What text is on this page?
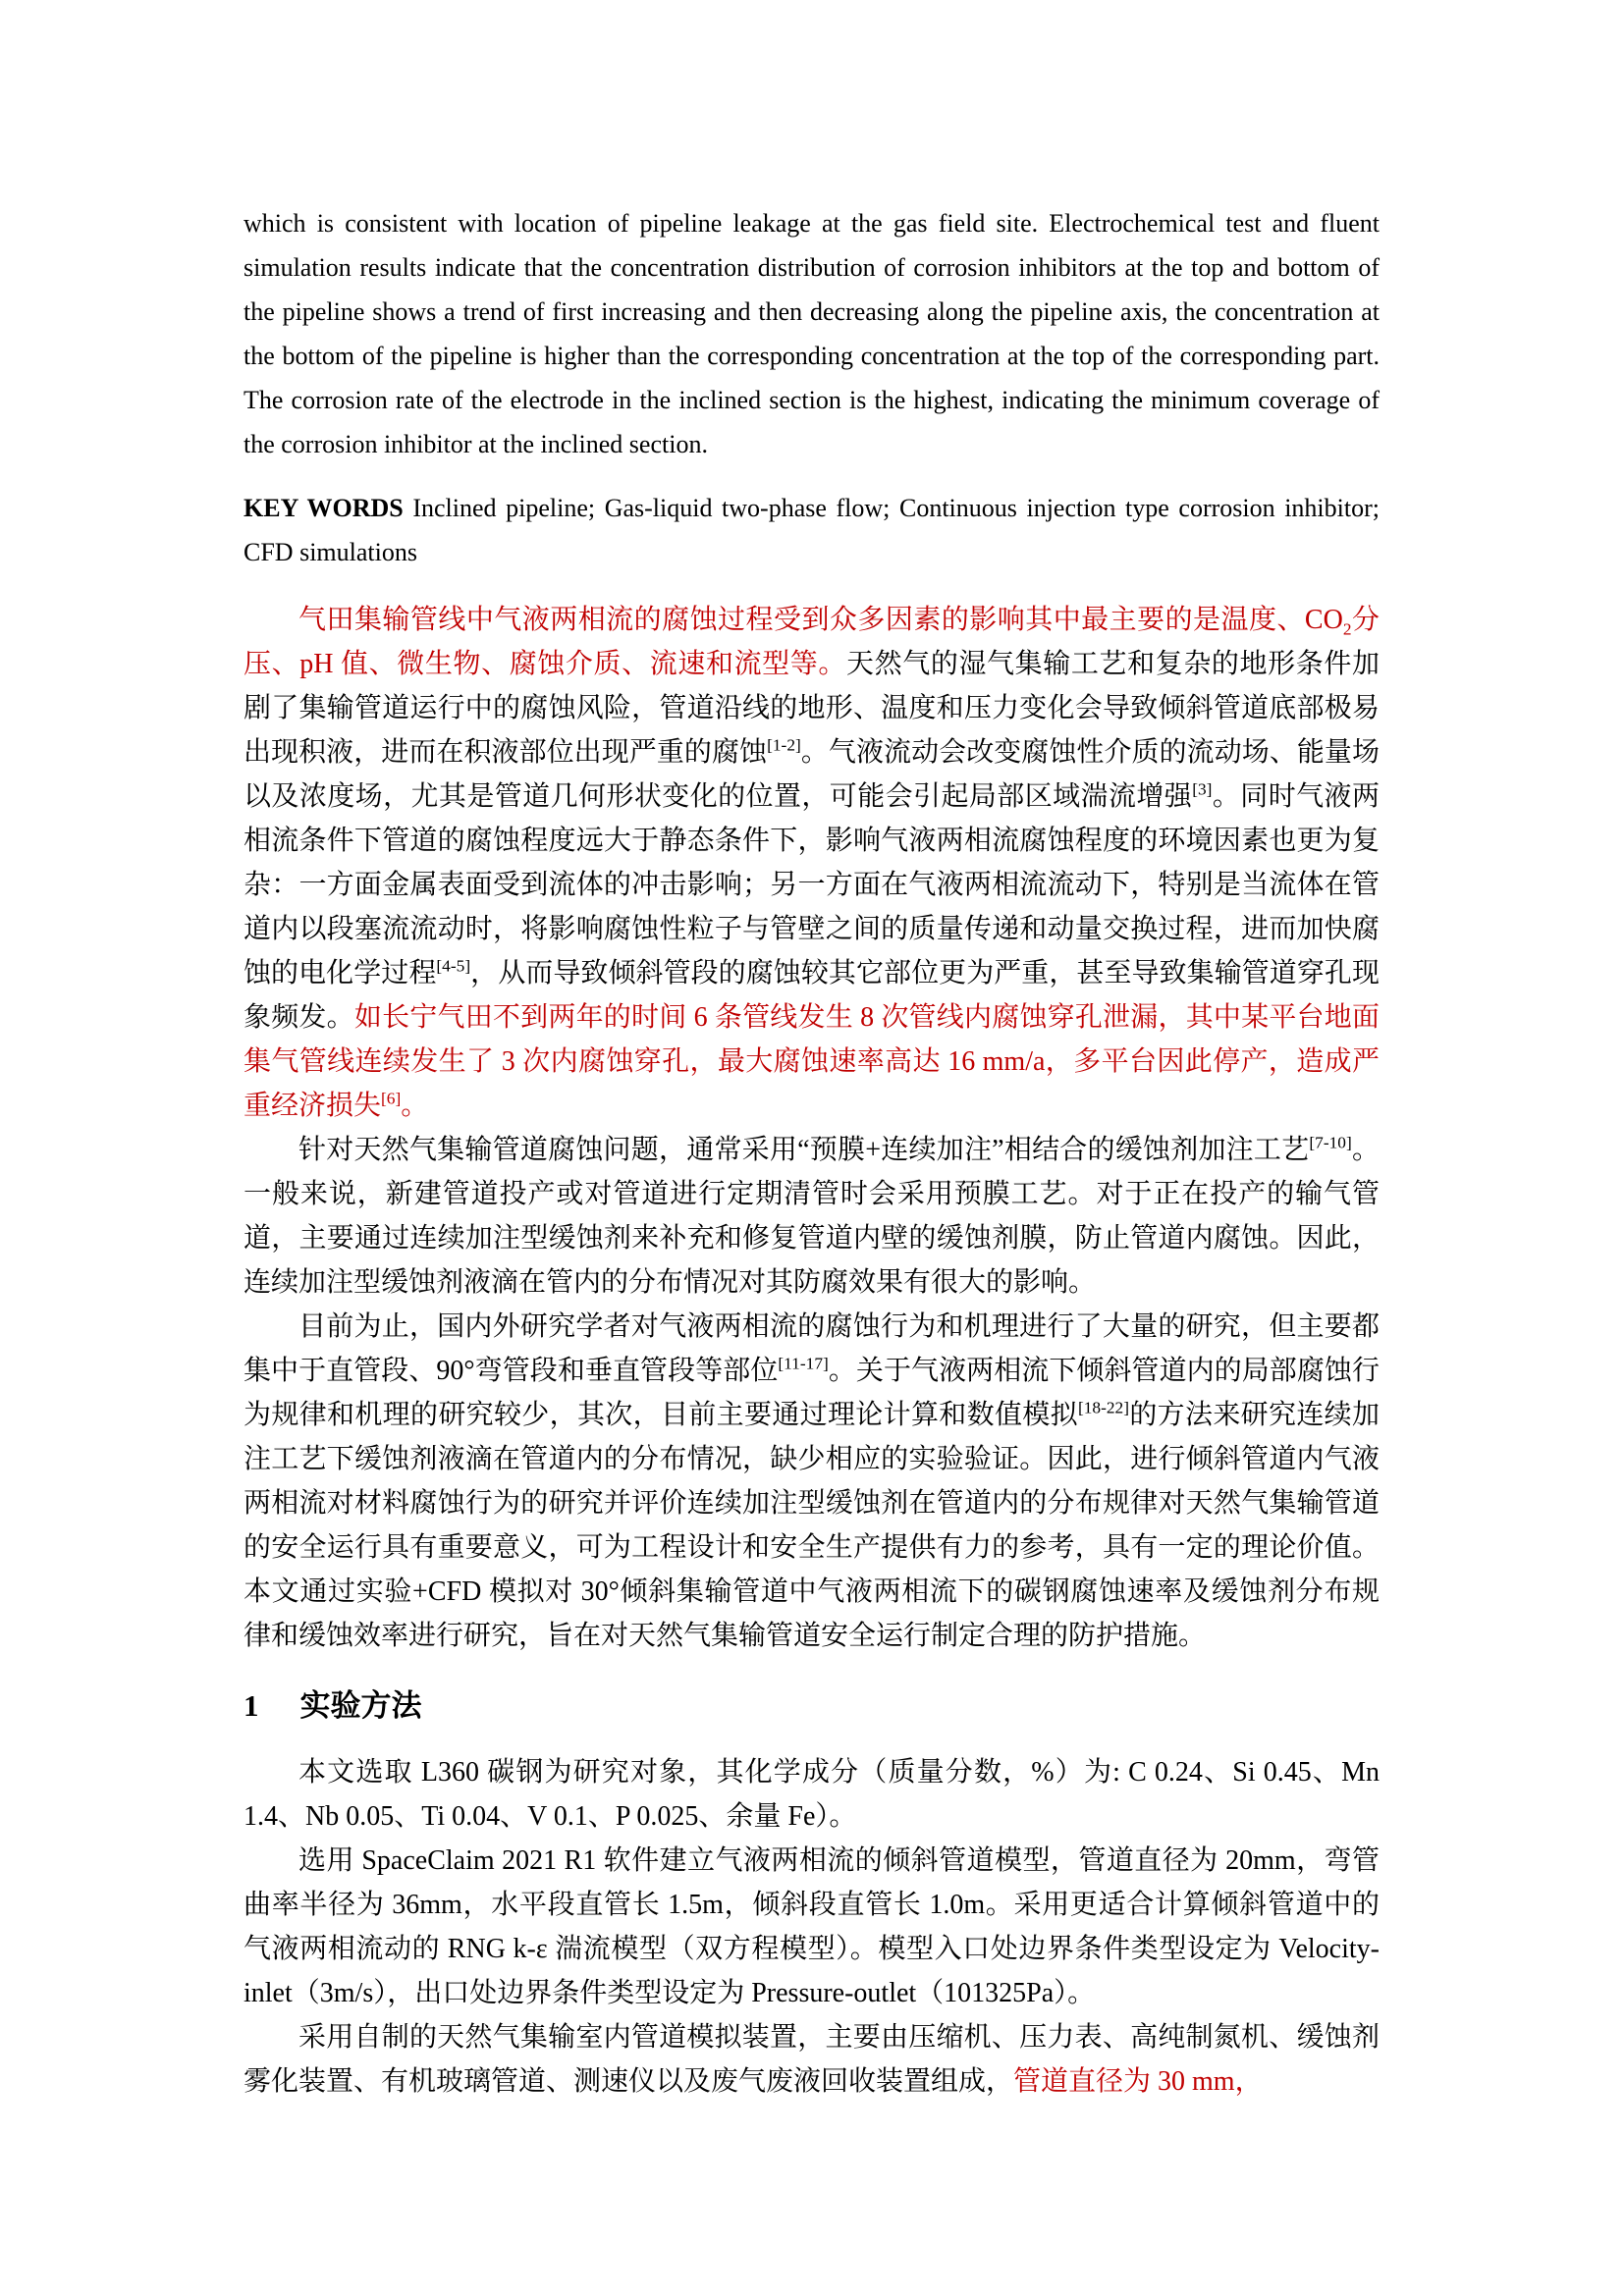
which is consistent with location of pipeline leakage at the gas field site. Electrochemical test and fluent simulation results indicate that the concentration distribution of corrosion inhibitors at the top and bottom of the pipeline shows a trend of first increasing and then decreasing along the pipeline axis, the concentration at the bottom of the pipeline is higher than the corresponding concentration at the top of the corresponding part. The corrosion rate of the electrode in the inclined section is the highest, indicating the minimum coverage of the corrosion inhibitor at the inclined section.

KEY WORDS Inclined pipeline; Gas-liquid two-phase flow; Continuous injection type corrosion inhibitor; CFD simulations

气田集输管线中气液两相流的腐蚀过程受到众多因素的影响其中最主要的是温度、$CO_2$分压、pH 值、微生物、腐蚀介质、流速和流型等。天然气的湿气集输工艺和复杂的地形条件加剧了集输管道运行中的腐蚀风险，管道沿线的地形、温度和压力变化会导致倾斜管道底部极易出现积液，进而在积液部位出现严重的腐蚀[1-2]。气液流动会改变腐蚀性介质的流动场、能量场以及浓度场，尤其是管道几何形状变化的位置，可能会引起局部区域湍流增强[3]。同时气液两相流条件下管道的腐蚀程度远大于静态条件下，影响气液两相流腐蚀程度的环境因素也更为复杂：一方面金属表面受到流体的冲击影响；另一方面在气液两相流流动下，特别是当流体在管道内以段塞流流动时，将影响腐蚀性粒子与管壁之间的质量传递和动量交换过程，进而加快腐蚀的电化学过程[4-5]，从而导致倾斜管段的腐蚀较其它部位更为严重，甚至导致集输管道穿孔现象频发。如长宁气田不到两年的时间 6 条管线发生 8 次管线内腐蚀穿孔泄漏，其中某平台地面集气管线连续发生了 3 次内腐蚀穿孔，最大腐蚀速率高达 16 mm/a，多平台因此停产，造成严重经济损失[6]。

针对天然气集输管道腐蚀问题，通常采用“预膜+连续加注”相结合的缓蚀剂加注工艺[7-10]。一般来说，新建管道投产或对管道进行定期清管时会采用预膜工艺。对于正在投产的输气管道，主要通过连续加注型缓蚀剂来补充和修复管道内壁的缓蚀剂膜，防止管道内腐蚀。因此，连续加注型缓蚀剂液滴在管内的分布情况对其防腐效果有很大的影响。

目前为止，国内外研究学者对气液两相流的腐蚀行为和机理进行了大量的研究，但主要都集中于直管段、90°弯管段和垂直管段等部位[11-17]。关于气液两相流下倾斜管道内的局部腐蚀行为规律和机理的研究较少，其次，目前主要通过理论计算和数值模拟[18-22]的方法来研究连续加注工艺下缓蚀剂液滴在管道内的分布情况，缺少相应的实验验证。因此，进行倾斜管道内气液两相流对材料腐蚀行为的研究并评价连续加注型缓蚀剂在管道内的分布规律对天然气集输管道的安全运行具有重要意义，可为工程设计和安全生产提供有力的参考，具有一定的理论价值。本文通过实验+CFD 模拟对 30°倾斜集输管道中气液两相流下的碳钢腐蚀速率及缓蚀剂分布规律和缓蚀效率进行研究，旨在对天然气集输管道安全运行制定合理的防护措施。

1 实验方法

本文选取 L360 碳钢为研究对象，其化学成分（质量分数，%）为: C 0.24、Si 0.45、Mn 1.4、Nb 0.05、Ti 0.04、V 0.1、P 0.025、余量 Fe）。

选用 SpaceClaim 2021 R1 软件建立气液两相流的倾斜管道模型，管道直径为 20mm，弯管曲率半径为 36mm，水平段直管长 1.5m，倾斜段直管长 1.0m。采用更适合计算倾斜管道中的气液两相流动的 RNG k-ε 湍流模型（双方程模型）。模型入口处边界条件类型设定为 Velocity-inlet（3m/s），出口处边界条件类型设定为 Pressure-outlet（101325Pa）。

采用自制的天然气集输室内管道模拟装置，主要由压缩机、压力表、高纯制氮机、缓蚀剂雾化装置、有机玻璃管道、测速仪以及废气废液回收装置组成，管道直径为 30 mm，
